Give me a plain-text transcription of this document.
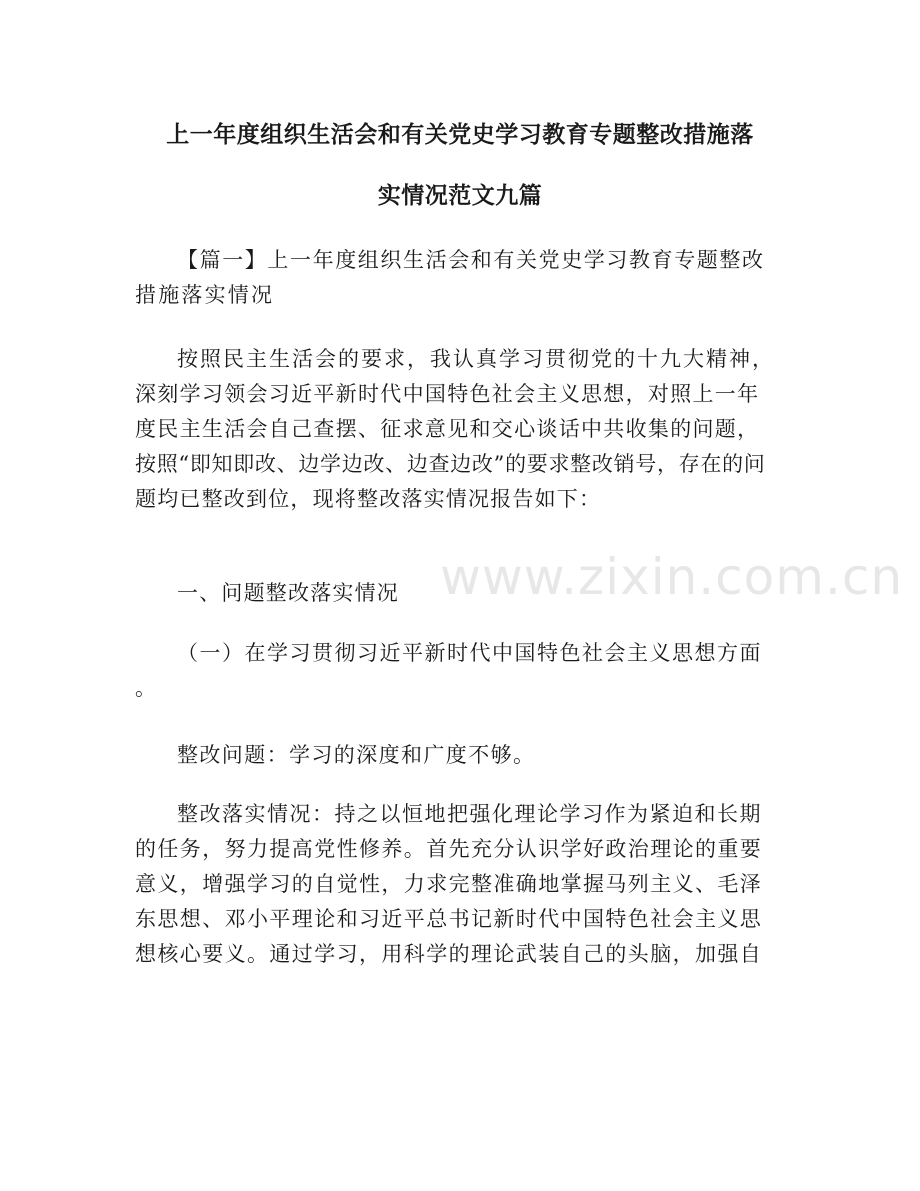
上一年度组织生活会和有关党史学习教育专题整改措施落
实情况范文九篇

【篇一】上一年度组织生活会和有关党史学习教育专题整改
措施落实情况

按照民主生活会的要求，我认真学习贯彻党的十九大精神，
深刻学习领会习近平新时代中国特色社会主义思想，对照上一年
度民主生活会自己查摆、征求意见和交心谈话中共收集的问题，
按照“即知即改、边学边改、边查边改”的要求整改销号，存在的问
题均已整改到位，现将整改落实情况报告如下：

一、问题整改落实情况

（一）在学习贯彻习近平新时代中国特色社会主义思想方面
。

整改问题：学习的深度和广度不够。

整改落实情况：持之以恒地把强化理论学习作为紧迫和长期
的任务，努力提高党性修养。首先充分认识学好政治理论的重要
意义，增强学习的自觉性，力求完整准确地掌握马列主义、毛泽
东思想、邓小平理论和习近平总书记新时代中国特色社会主义思
想核心要义。通过学习，用科学的理论武装自己的头脑，加强自

www.zixin.com.cn
